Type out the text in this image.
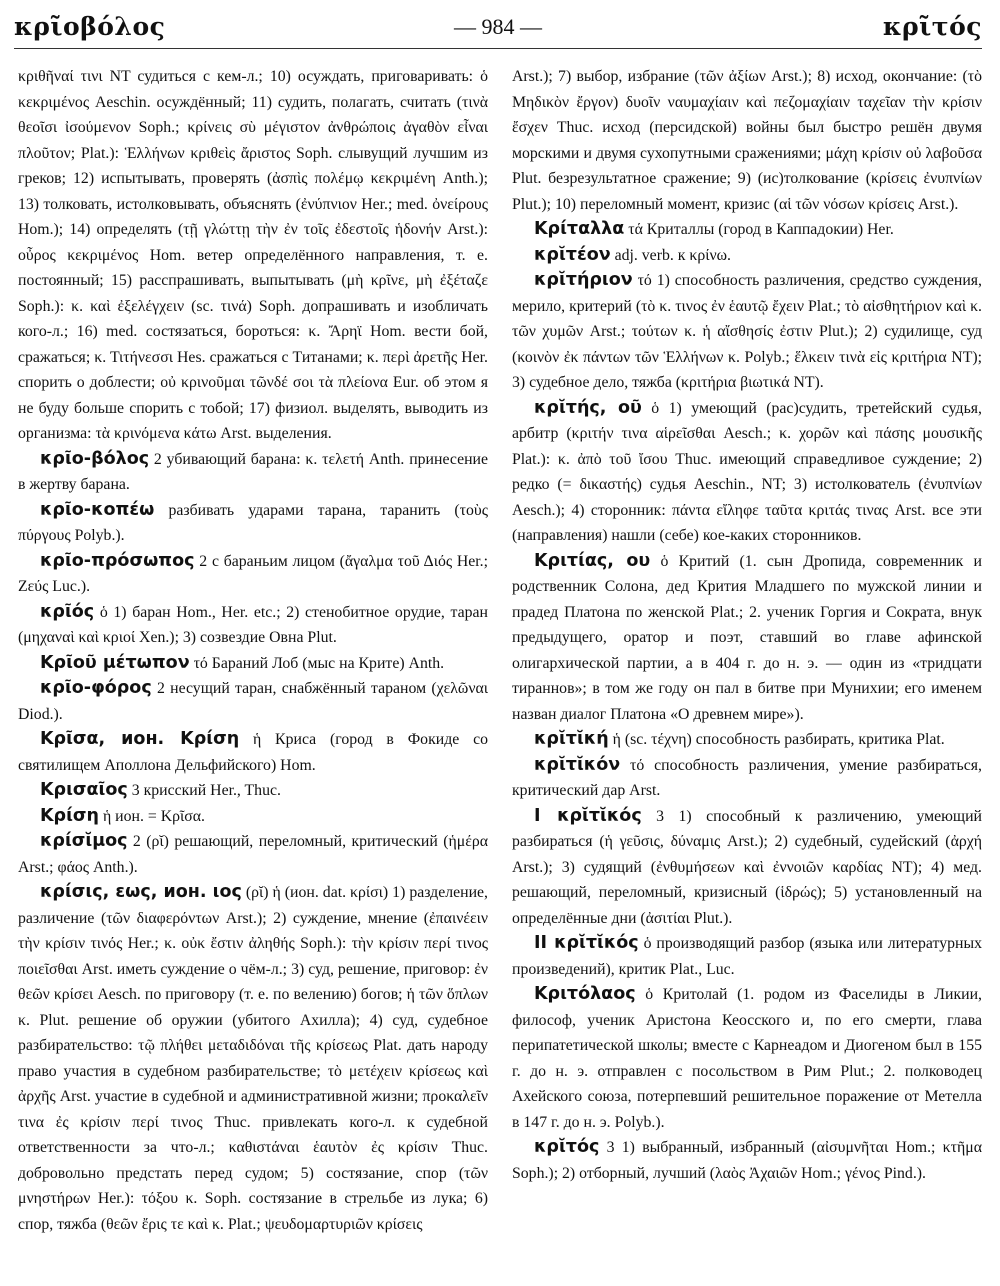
κρῖοβόλος	— 984 —	κρῖτός

κριθῆναί τινι NT судиться с кем-л.; 10) осуждать, приговаривать: ὁ κεκριμένος Aeschin. осуждённый; 11) судить, полагать, считать (τινὰ θεοῖσι ἰσούμενον Soph.; κρίνεις σὺ μέγιστον ἀνθρώποις ἀγαθὸν εἶναι πλοῦτον; Plat.): Ἑλλήνων κριθεὶς ἄριστος Soph. слывущий лучшим из греков; 12) испытывать, проверять (ἀσπὶς πολέμῳ κεκριμένη Anth.); 13) толковать, истолковывать, объяснять (ἐνύπνιον Her.; med. ὀνείρους Hom.); 14) определять (τῇ γλώττῃ τὴν ἐν τοῖς ἐδεστοῖς ἡδονήν Arst.): οὖρος κεκριμένος Hom. ветер определённого направления, т. е. постоянный; 15) расспрашивать, выпытывать (μὴ κρῖνε, μὴ ἐξέταζε Soph.): κ. καὶ ἐξελέγχειν (sc. τινά) Soph. допрашивать и изобличать кого-л.; 16) med. состязаться, бороться: κ. Ἄρηϊ Hom. вести бой, сражаться; κ. Τιτήνεσσι Hes. сражаться с Титанами; κ. περὶ ἀρετῆς Her. спорить о доблести; οὐ κρινοῦμαι τῶνδέ σοι τὰ πλείονα Eur. об этом я не буду больше спорить с тобой; 17) физиол. выделять, выводить из организма: τὰ κρινόμενα κάτω Arst. выделения.

κρῖο-βόλος 2 убивающий барана: κ. τελετή Anth. принесение в жертву барана.

κρῖο-κοπέω разбивать ударами тарана, таранить (τοὺς πύργους Polyb.).

κρῖο-πρόσωπος 2 с бараньим лицом (ἄγαλμα τοῦ Διός Her.; Ζεύς Luc.).

κρῖός ὁ 1) баран Hom., Her. etc.; 2) стенобитное орудие, таран (μηχαναὶ καὶ κριοί Xen.); 3) созвездие Овна Plut.

Κρῖοῦ μέτωπον τό Бараний Лоб (мыс на Крите) Anth.

κρῖο-φόρος 2 несущий таран, снабжённый тараном (χελῶναι Diod.).

Κρῖσα, ион. Κρίση ἡ Криса (город в Фокиде со святилищем Аполлона Дельфийского) Hom.

Κρισαῖος 3 крисский Her., Thuc.

Κρίση ἡ ион. = Κρῖσα.

κρίσῐμος 2 (ρῐ) решающий, переломный, критический (ἡμέρα Arst.; φάος Anth.).

κρίσις, εως, ион. ιος (ρῐ) ἡ (ион. dat. κρίσι) 1) разделение, различение (τῶν διαφερόντων Arst.); 2) суждение, мнение (ἐπαινέειν τὴν κρίσιν τινός Her.; κ. οὐκ ἔστιν ἀληθής Soph.): τὴν κρίσιν περί τινος ποιεῖσθαι Arst. иметь суждение о чём-л.; 3) суд, решение, приговор: ἐν θεῶν κρίσει Aesch. по приговору (т. е. по велению) богов; ἡ τῶν ὅπλων κ. Plut. решение об оружии (убитого Ахилла); 4) суд, судебное разбирательство: τῷ πλήθει μεταδιδόναι τῆς κρίσεως Plat. дать народу право участия в судебном разбирательстве; τὸ μετέχειν κρίσεως καὶ ἀρχῆς Arst. участие в судебной и административной жизни; προκαλεῖν τινα ἐς κρίσιν περί τινος Thuc. привлекать кого-л. к судебной ответственности за что-л.; καθιστάναι ἑαυτὸν ἐς κρίσιν Thuc. добровольно предстать перед судом; 5) состязание, спор (τῶν μνηστήρων Her.): τόξου κ. Soph. состязание в стрельбе из лука; 6) спор, тяжба (θεῶν ἔρις τε καὶ κ. Plat.; ψευδομαρτυριῶν κρίσεις

Arst.); 7) выбор, избрание (τῶν ἀξίων Arst.); 8) исход, окончание: (τὸ Μηδικὸν ἔργον) δυοῖν ναυμαχίαιν καὶ πεζομαχίαιν ταχεῖαν τὴν κρίσιν ἔσχεν Thuc. исход (персидской) войны был быстро решён двумя морскими и двумя сухопутными сражениями; μάχη κρίσιν οὐ λαβοῦσα Plut. безрезультатное сражение; 9) (ис)толкование (κρίσεις ἐνυπνίων Plut.); 10) переломный момент, кризис (αἱ τῶν νόσων κρίσεις Arst.).

Κρίταλλα τά Криталлы (город в Каппадокии) Her.

κρῐτέον adj. verb. к κρίνω.

κρῐτήριον τό 1) способность различения, средство суждения, мерило, критерий (τὸ κ. τινος ἐν ἑαυτῷ ἔχειν Plat.; τὸ αἰσθητήριον καὶ κ. τῶν χυμῶν Arst.; τούτων κ. ἡ αἴσθησίς ἐστιν Plut.); 2) судилище, суд (κοινὸν ἐκ πάντων τῶν Ἑλλήνων κ. Polyb.; ἕλκειν τινὰ εἰς κριτήρια NT); 3) судебное дело, тяжба (κριτήρια βιωτικά NT).

κρῐτής, οῦ ὁ 1) умеющий (рас)судить, третейский судья, арбитр (κριτήν τινα αἱρεῖσθαι Aesch.; κ. χορῶν καὶ πάσης μουσικῆς Plat.): κ. ἀπὸ τοῦ ἴσου Thuc. имеющий справедливое суждение; 2) редко (= δικαστής) судья Aeschin., NT; 3) истолкователь (ἐνυπνίων Aesch.); 4) сторонник: πάντα εἴληφε ταῦτα κριτάς τινας Arst. все эти (направления) нашли (себе) кое-каких сторонников.

Κριτίας, ου ὁ Критий (1. сын Дропида, современник и родственник Солона, дед Крития Младшего по мужской линии и прадед Платона по женской Plat.; 2. ученик Горгия и Сократа, внук предыдущего, оратор и поэт, ставший во главе афинской олигархической партии, а в 404 г. до н. э. — один из «тридцати тираннов»; в том же году он пал в битве при Мунихии; его именем назван диалог Платона «О древнем мире»).

κρῐτῐκή ἡ (sc. τέχνη) способность разбирать, критика Plat.

κρῐτῐκόν τό способность различения, умение разбираться, критический дар Arst.

I κρῐτῐκός 3 1) способный к различению, умеющий разбираться (ἡ γεῦσις, δύναμις Arst.); 2) судебный, судейский (ἀρχή Arst.); 3) судящий (ἐνθυμήσεων καὶ ἐννοιῶν καρδίας NT); 4) мед. решающий, переломный, кризисный (ἱδρώς); 5) установленный на определённые дни (ἀσιτίαι Plut.).

II κρῐτῐκός ὁ производящий разбор (языка или литературных произведений), критик Plat., Luc.

Κριτόλαος ὁ Критолай (1. родом из Фаселиды в Ликии, философ, ученик Аристона Кеосского и, по его смерти, глава перипатетической школы; вместе с Карнеадом и Диогеном был в 155 г. до н. э. отправлен с посольством в Рим Plut.; 2. полководец Ахейского союза, потерпевший решительное поражение от Метелла в 147 г. до н. э. Polyb.).

κρῐτός 3 1) выбранный, избранный (αἰσυμνῆται Hom.; κτῆμα Soph.); 2) отборный, лучший (λαὸς Ἀχαιῶν Hom.; γένος Pind.).
